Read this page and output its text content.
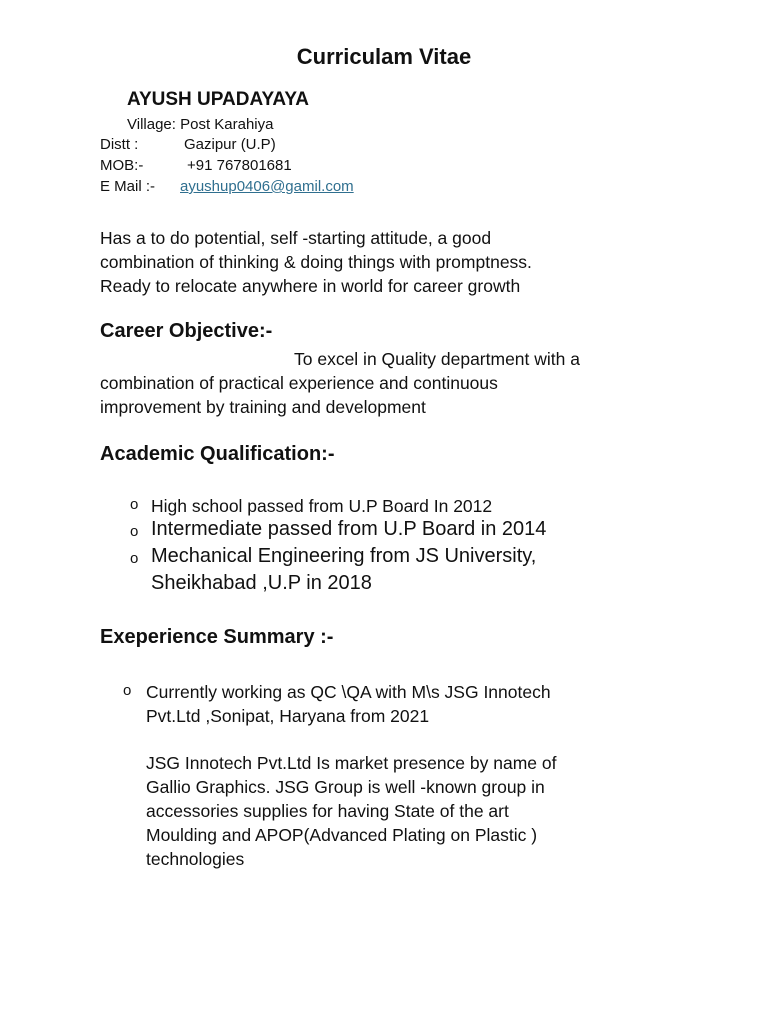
Curriculam Vitae
AYUSH UPADAYAYA
Village: Post Karahiya
Distt :	Gazipur (U.P)
MOB:-	+91 767801681
E Mail :- ayushup0406@gamil.com
Has a to do potential, self -starting attitude, a good
combination of thinking & doing things with promptness.
Ready to relocate anywhere in world for career growth
Career Objective:-
To excel in Quality department with a
combination of practical experience and continuous
improvement by training and development
Academic Qualification:-
o High school passed from U.P Board In 2012
o Intermediate passed from U.P Board in 2014
o Mechanical Engineering from JS University,
Sheikhabad ,U.P in 2018
Exeperience Summary :-
o Currently working as QC \QA with M\s JSG Innotech
Pvt.Ltd ,Sonipat, Haryana from 2021
JSG Innotech Pvt.Ltd Is market presence by name of
Gallio Graphics. JSG Group is well -known group in
accessories supplies for having State of the art
Moulding and APOP(Advanced Plating on Plastic )
technologies
